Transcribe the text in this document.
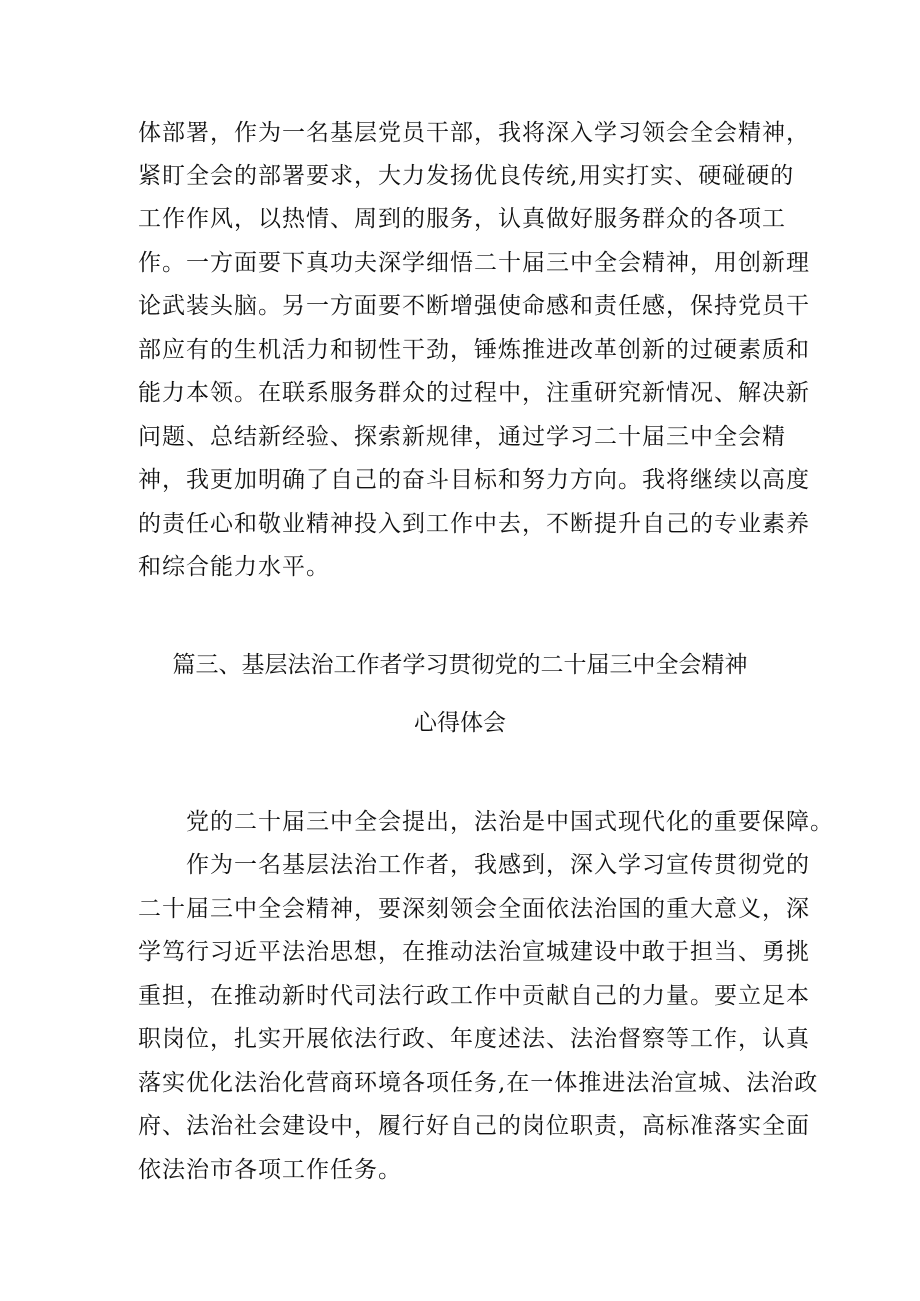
体部署，作为一名基层党员干部，我将深入学习领会全会精神，
紧盯全会的部署要求，大力发扬优良传统,用实打实、硬碰硬的
工作作风，以热情、周到的服务，认真做好服务群众的各项工
作。一方面要下真功夫深学细悟二十届三中全会精神，用创新理
论武装头脑。另一方面要不断增强使命感和责任感，保持党员干
部应有的生机活力和韧性干劲，锤炼推进改革创新的过硬素质和
能力本领。在联系服务群众的过程中，注重研究新情况、解决新
问题、总结新经验、探索新规律，通过学习二十届三中全会精
神，我更加明确了自己的奋斗目标和努力方向。我将继续以高度
的责任心和敬业精神投入到工作中去，不断提升自己的专业素养
和综合能力水平。
篇三、基层法治工作者学习贯彻党的二十届三中全会精神
心得体会
党的二十届三中全会提出，法治是中国式现代化的重要保障。
作为一名基层法治工作者，我感到，深入学习宣传贯彻党的
二十届三中全会精神，要深刻领会全面依法治国的重大意义，深
学笃行习近平法治思想，在推动法治宣城建设中敢于担当、勇挑
重担，在推动新时代司法行政工作中贡献自己的力量。要立足本
职岗位，扎实开展依法行政、年度述法、法治督察等工作，认真
落实优化法治化营商环境各项任务,在一体推进法治宣城、法治政
府、法治社会建设中，履行好自己的岗位职责，高标准落实全面
依法治市各项工作任务。
